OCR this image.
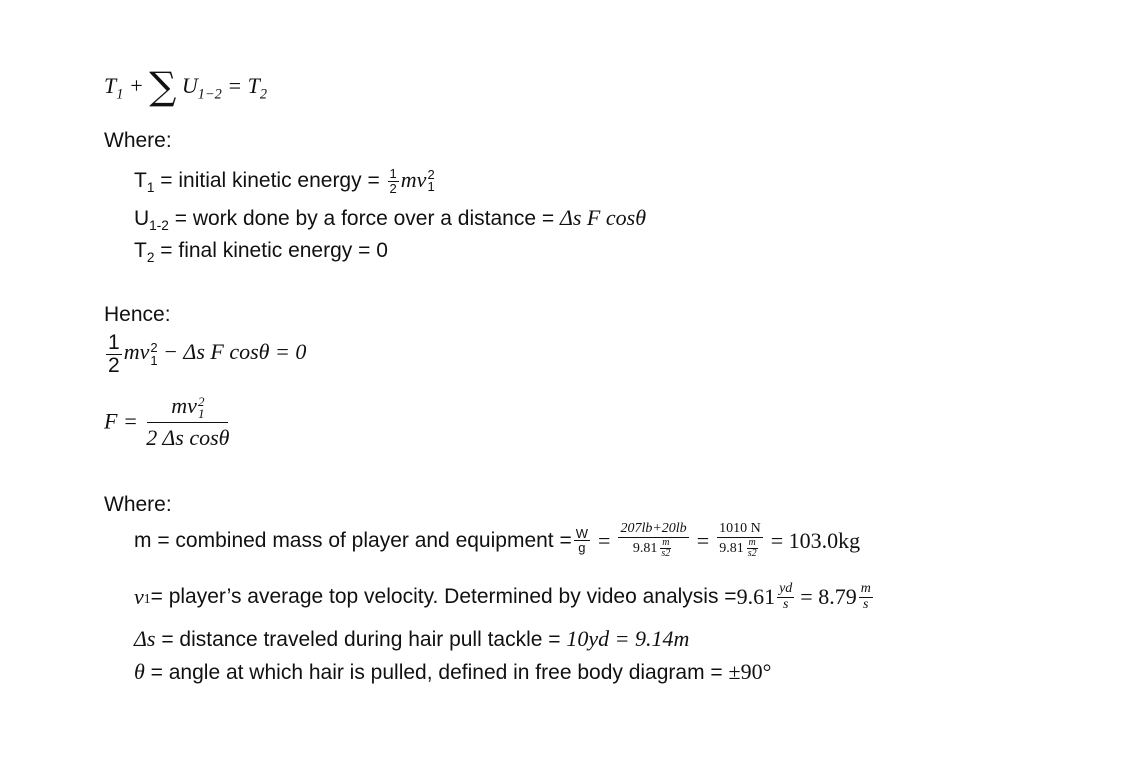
$T_1$ + ∑ $U_{1-2} = T_2$
Where:
$T_1$ = initial kinetic energy = $\frac{1}{2}$ mv 2
1
$U_{1-2}$ = work done by a force over a distance = Δs F cosθ
$T_2$ = final kinetic energy = 0
Hence:
$\frac{1}{2}$ mv 2
1 − Δs F cosθ = 0
F = mv 2
1
2 Δs cosθ
Where:
m = combined mass of player and equipment = $\frac{W}{g} = \frac{207lb+20lb}{9.81 \frac{m}{s2}} = \frac{1010 N}{9.81 \frac{m}{s2}} = 103.0kg$
v 1 = player’s average top velocity. Determined by video analysis = $9.61 \frac{yd}{s} = 8.79 \frac{m}{s}$
Δs = distance traveled during hair pull tackle = 10yd = 9.14m
θ = angle at which hair is pulled, defined in free body diagram = ±90°
